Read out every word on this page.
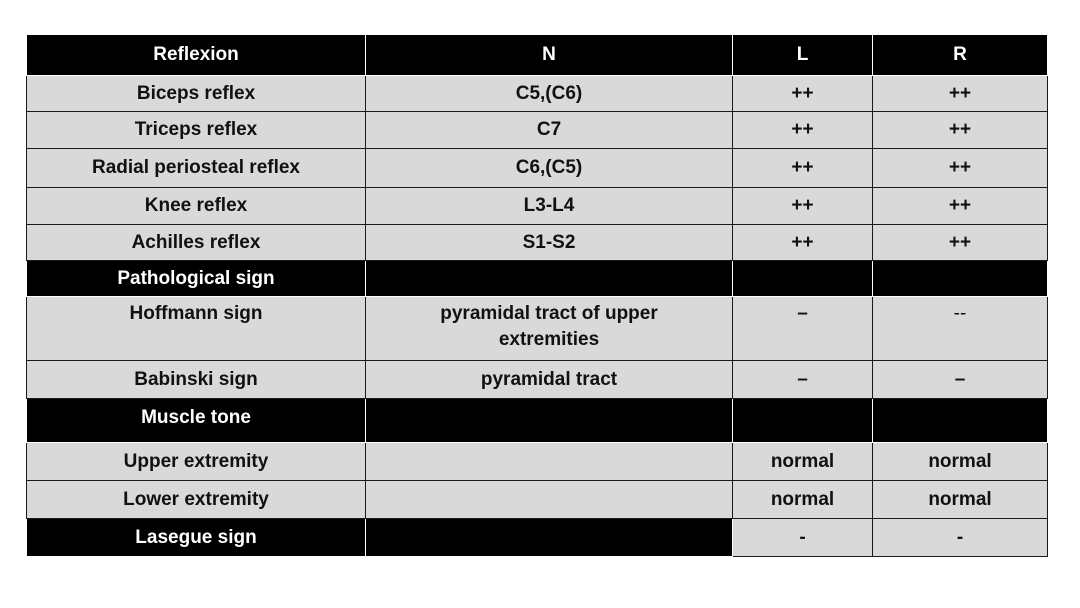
Reflexion	N	L	R
Biceps reflex	C5,(C6)	++	++
Triceps reflex	C7	++	++
Radial periosteal reflex	C6,(C5)	++	++
Knee reflex	L3-L4	++	++
Achilles reflex	S1-S2	++	++
Pathological sign			
Hoffmann sign	pyramidal tract of upper extremities	–	--
Babinski sign	pyramidal tract	–	–
Muscle tone			
Upper extremity		normal	normal
Lower extremity		normal	normal
Lasegue sign		-	-
